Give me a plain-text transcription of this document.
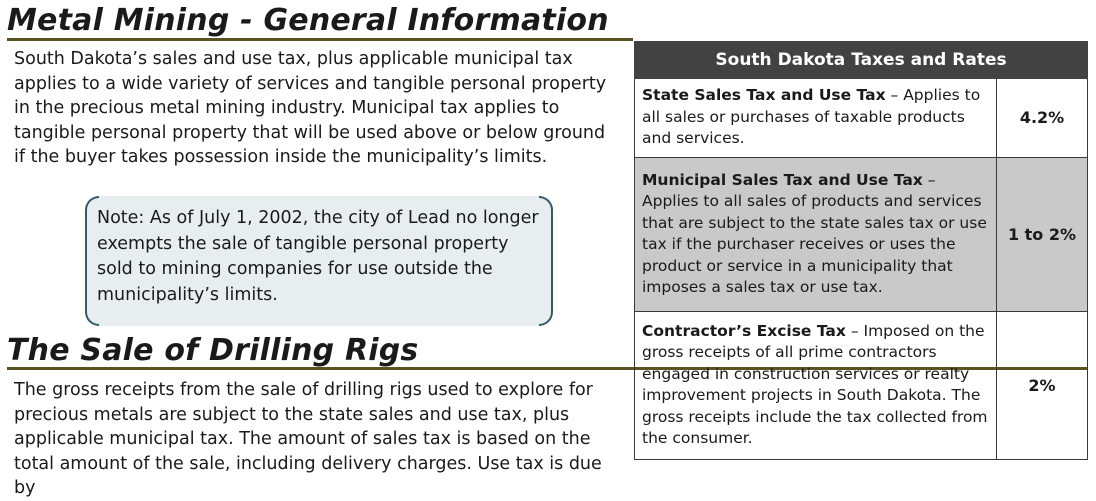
Metal Mining - General Information

South Dakota’s sales and use tax, plus applicable municipal tax applies to a wide variety of services and tangible personal property in the precious metal mining industry. Municipal tax applies to tangible personal property that will be used above or below ground if the buyer takes possession inside the municipality’s limits.

Note: As of July 1, 2002, the city of Lead no longer exempts the sale of tangible personal property sold to mining companies for use outside the municipality’s limits.

The Sale of Drilling Rigs

The gross receipts from the sale of drilling rigs used to explore for precious metals are subject to the state sales and use tax, plus applicable municipal tax. The amount of sales tax is based on the total amount of the sale, including delivery charges. Use tax is due by

South Dakota Taxes and Rates	
State Sales Tax and Use Tax – Applies to all sales or purchases of taxable products and services.	4.2%
Municipal Sales Tax and Use Tax – Applies to all sales of products and services that are subject to the state sales tax or use tax if the purchaser receives or uses the product or service in a municipality that imposes a sales tax or use tax.	1 to 2%
Contractor’s Excise Tax – Imposed on the gross receipts of all prime contractors engaged in construction services or realty improvement projects in South Dakota. The gross receipts include the tax collected from the consumer.	2%
